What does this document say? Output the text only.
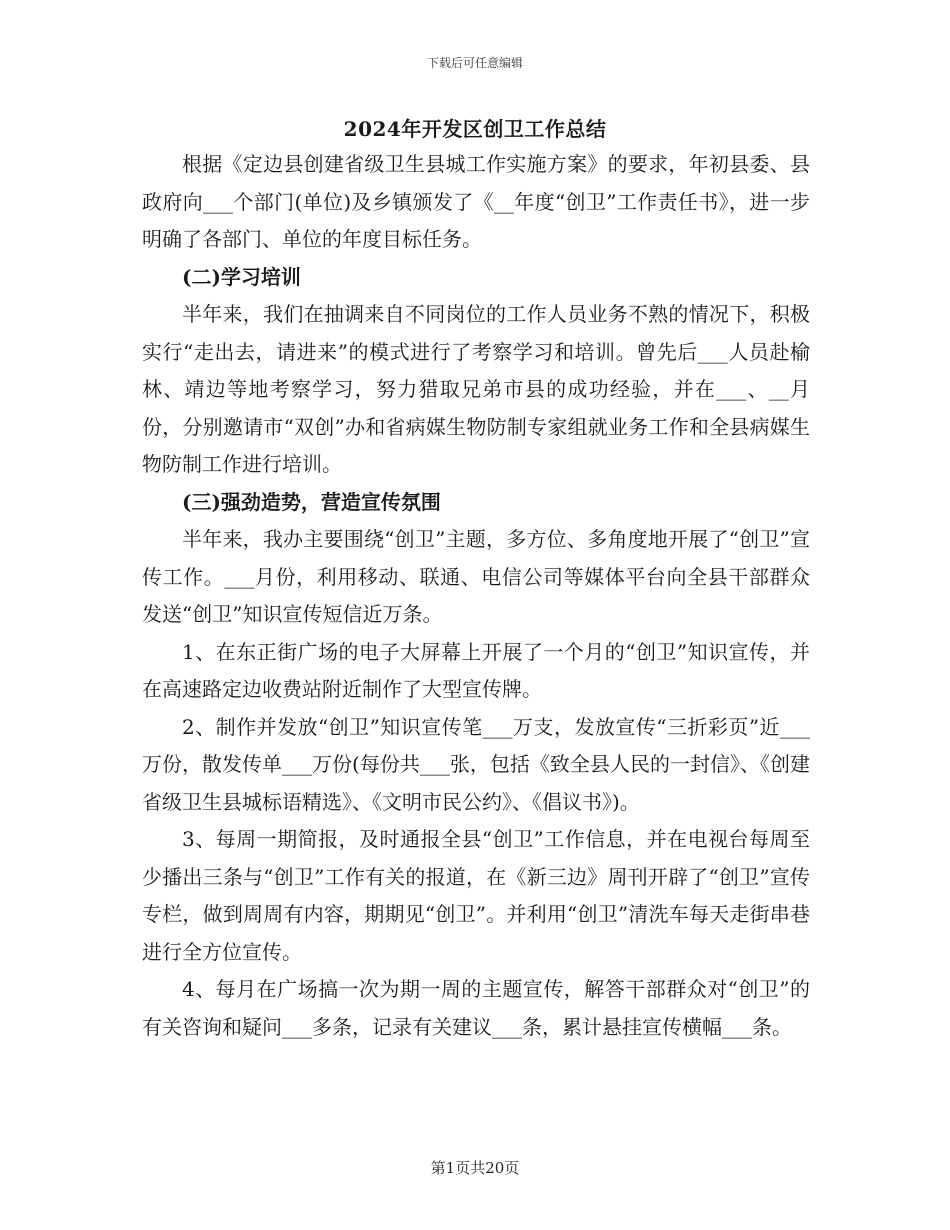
下载后可任意编辑
2024年开发区创卫工作总结

根据《定边县创建省级卫生县城工作实施方案》的要求，年初县委、县政府向___个部门(单位)及乡镇颁发了《__年度“创卫”工作责任书》，进一步明确了各部门、单位的年度目标任务。

(二)学习培训

半年来，我们在抽调来自不同岗位的工作人员业务不熟的情况下，积极实行“走出去，请进来”的模式进行了考察学习和培训。曾先后___人员赴榆林、靖边等地考察学习，努力猎取兄弟市县的成功经验，并在___、__月份，分别邀请市“双创”办和省病媒生物防制专家组就业务工作和全县病媒生物防制工作进行培训。

(三)强劲造势，营造宣传氛围

半年来，我办主要围绕“创卫”主题，多方位、多角度地开展了“创卫”宣传工作。___月份，利用移动、联通、电信公司等媒体平台向全县干部群众发送“创卫”知识宣传短信近万条。

1、在东正街广场的电子大屏幕上开展了一个月的“创卫”知识宣传，并在高速路定边收费站附近制作了大型宣传牌。

2、制作并发放“创卫”知识宣传笔___万支，发放宣传“三折彩页”近___万份，散发传单___万份(每份共___张，包括《致全县人民的一封信》、《创建省级卫生县城标语精选》、《文明市民公约》、《倡议书》)。

3、每周一期简报，及时通报全县“创卫”工作信息，并在电视台每周至少播出三条与“创卫”工作有关的报道，在《新三边》周刊开辟了“创卫”宣传专栏，做到周周有内容，期期见“创卫”。并利用“创卫”清洗车每天走街串巷进行全方位宣传。

4、每月在广场搞一次为期一周的主题宣传，解答干部群众对“创卫”的有关咨询和疑问___多条，记录有关建议___条，累计悬挂宣传横幅___条。

第1页共20页
